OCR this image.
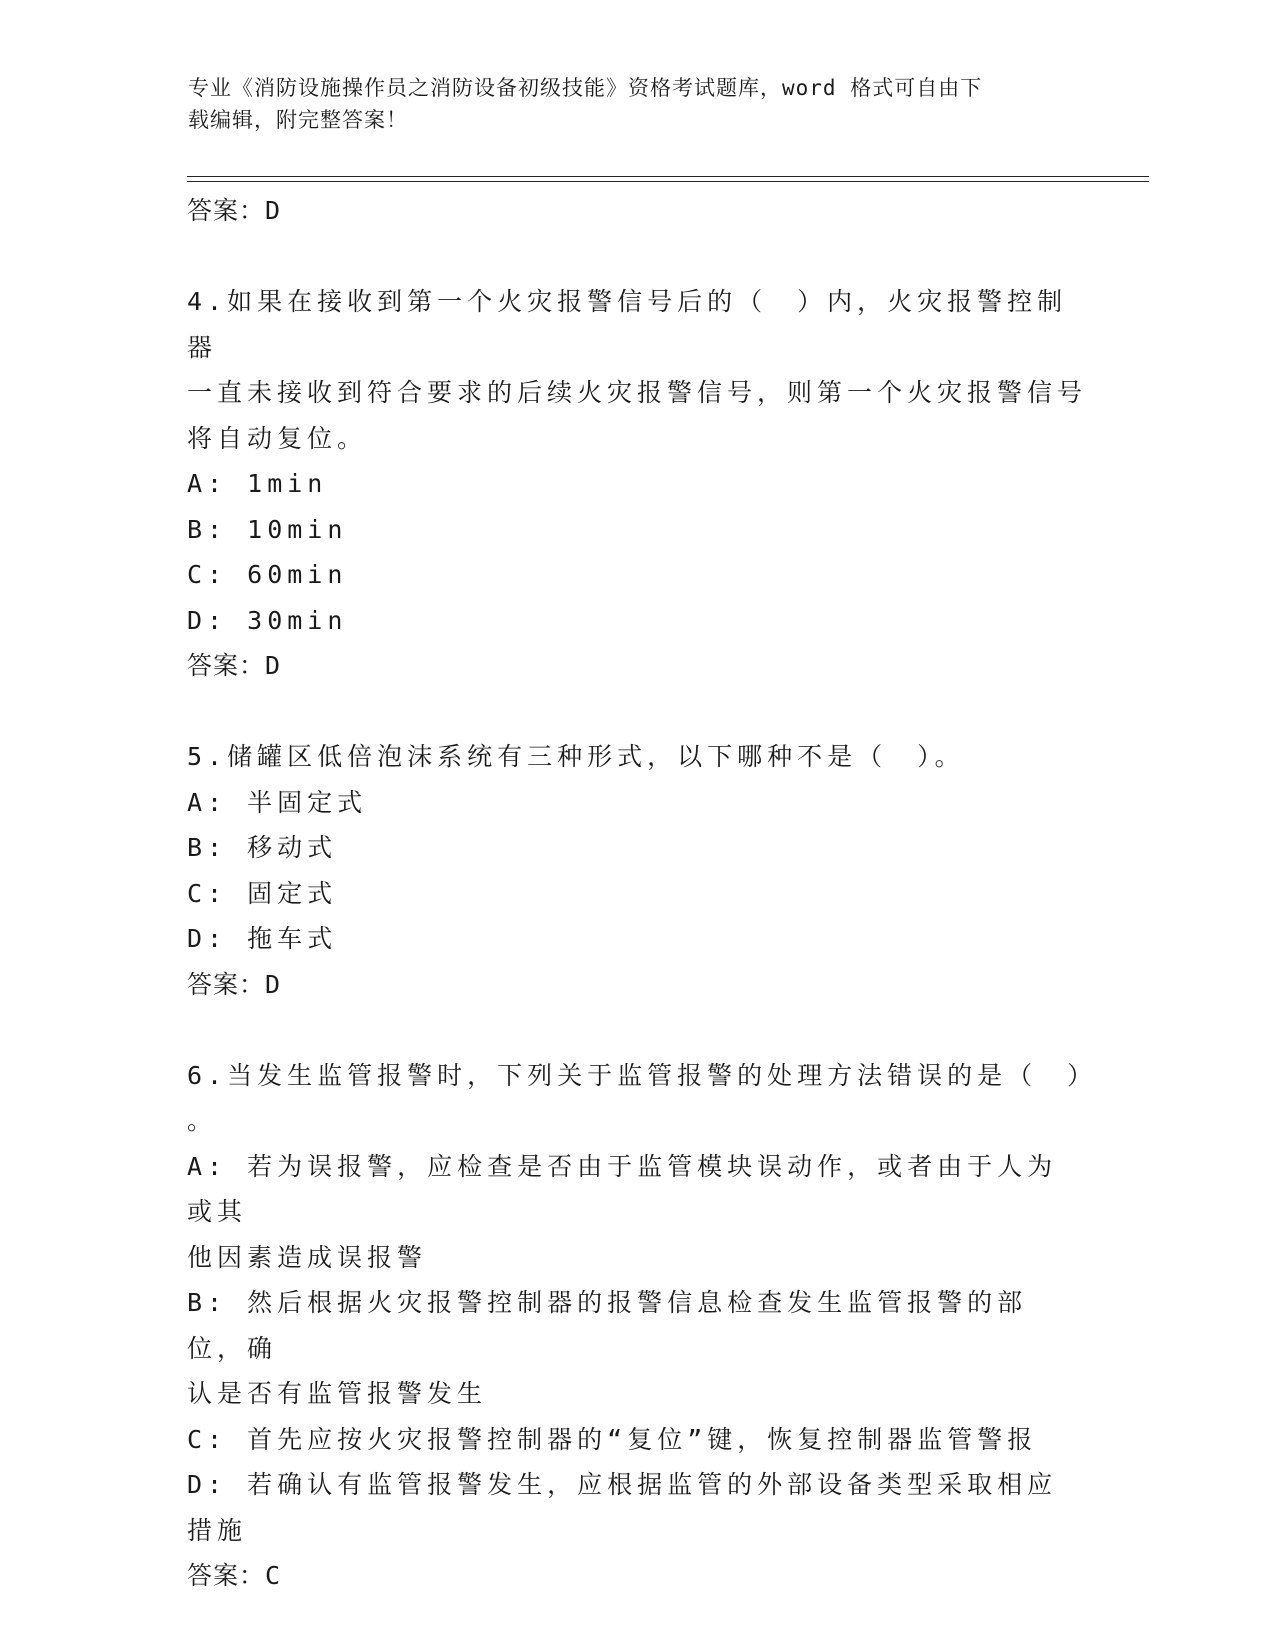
专业《消防设施操作员之消防设备初级技能》资格考试题库，word 格式可自由下
载编辑，附完整答案！
答案：D

4.如果在接收到第一个火灾报警信号后的（　）内，火灾报警控制器

一直未接收到符合要求的后续火灾报警信号，则第一个火灾报警信号

将自动复位。

A: 1min

B: 10min

C: 60min

D: 30min

答案：D

5.储罐区低倍泡沫系统有三种形式，以下哪种不是（　）。

A: 半固定式

B: 移动式

C: 固定式

D: 拖车式

答案：D

6.当发生监管报警时，下列关于监管报警的处理方法错误的是（　）

。

A: 若为误报警，应检查是否由于监管模块误动作，或者由于人为或其

他因素造成误报警

B: 然后根据火灾报警控制器的报警信息检查发生监管报警的部位，确

认是否有监管报警发生

C: 首先应按火灾报警控制器的“复位”键，恢复控制器监管警报

D: 若确认有监管报警发生，应根据监管的外部设备类型采取相应措施

答案：C
